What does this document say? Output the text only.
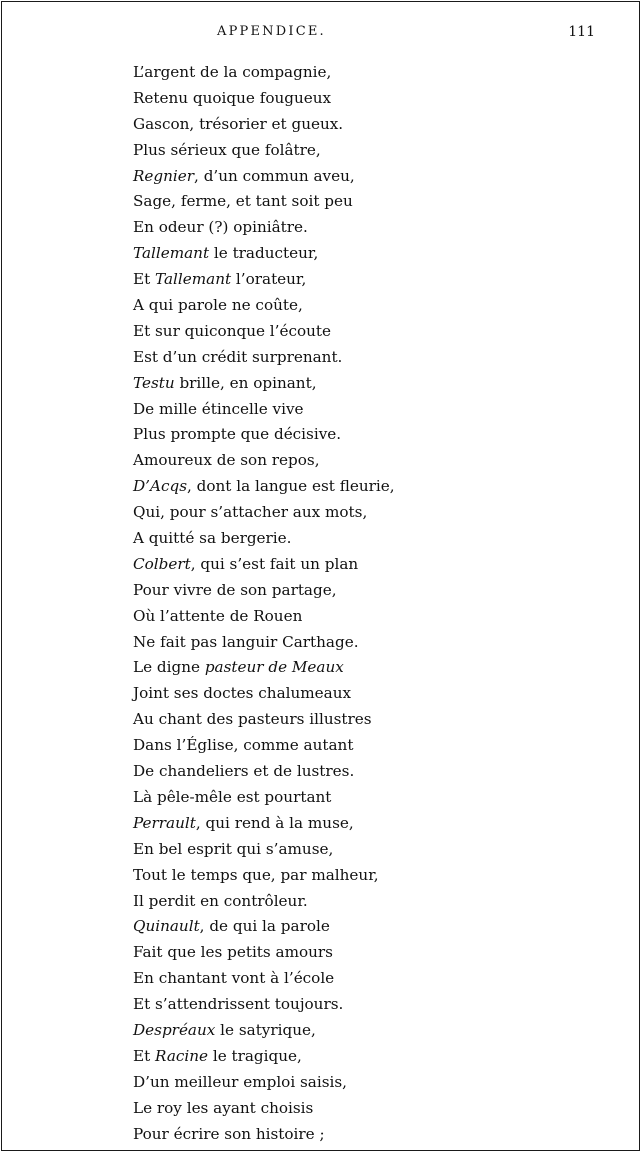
APPENDICE.	111
L’argent de la compagnie,
Retenu quoique fougueux
Gascon, trésorier et gueux.
Plus sérieux que folâtre,
Regnier, d’un commun aveu,
Sage, ferme, et tant soit peu
En odeur (?) opiniâtre.
Tallemant le traducteur,
Et Tallemant l’orateur,
A qui parole ne coûte,
Et sur quiconque l’écoute
Est d’un crédit surprenant.
Testu brille, en opinant,
De mille étincelle vive
Plus prompte que décisive.
Amoureux de son repos,
D’Acqs, dont la langue est fleurie,
Qui, pour s’attacher aux mots,
A quitté sa bergerie.
Colbert, qui s’est fait un plan
Pour vivre de son partage,
Où l’attente de Rouen
Ne fait pas languir Carthage.
Le digne pasteur de Meaux
Joint ses doctes chalumeaux
Au chant des pasteurs illustres
Dans l’Église, comme autant
De chandeliers et de lustres.
Là pêle-mêle est pourtant
Perrault, qui rend à la muse,
En bel esprit qui s’amuse,
Tout le temps que, par malheur,
Il perdit en contrôleur.
Quinault, de qui la parole
Fait que les petits amours
En chantant vont à l’école
Et s’attendrissent toujours.
Despréaux le satyrique,
Et Racine le tragique,
D’un meilleur emploi saisis,
Le roy les ayant choisis
Pour écrire son histoire ;
